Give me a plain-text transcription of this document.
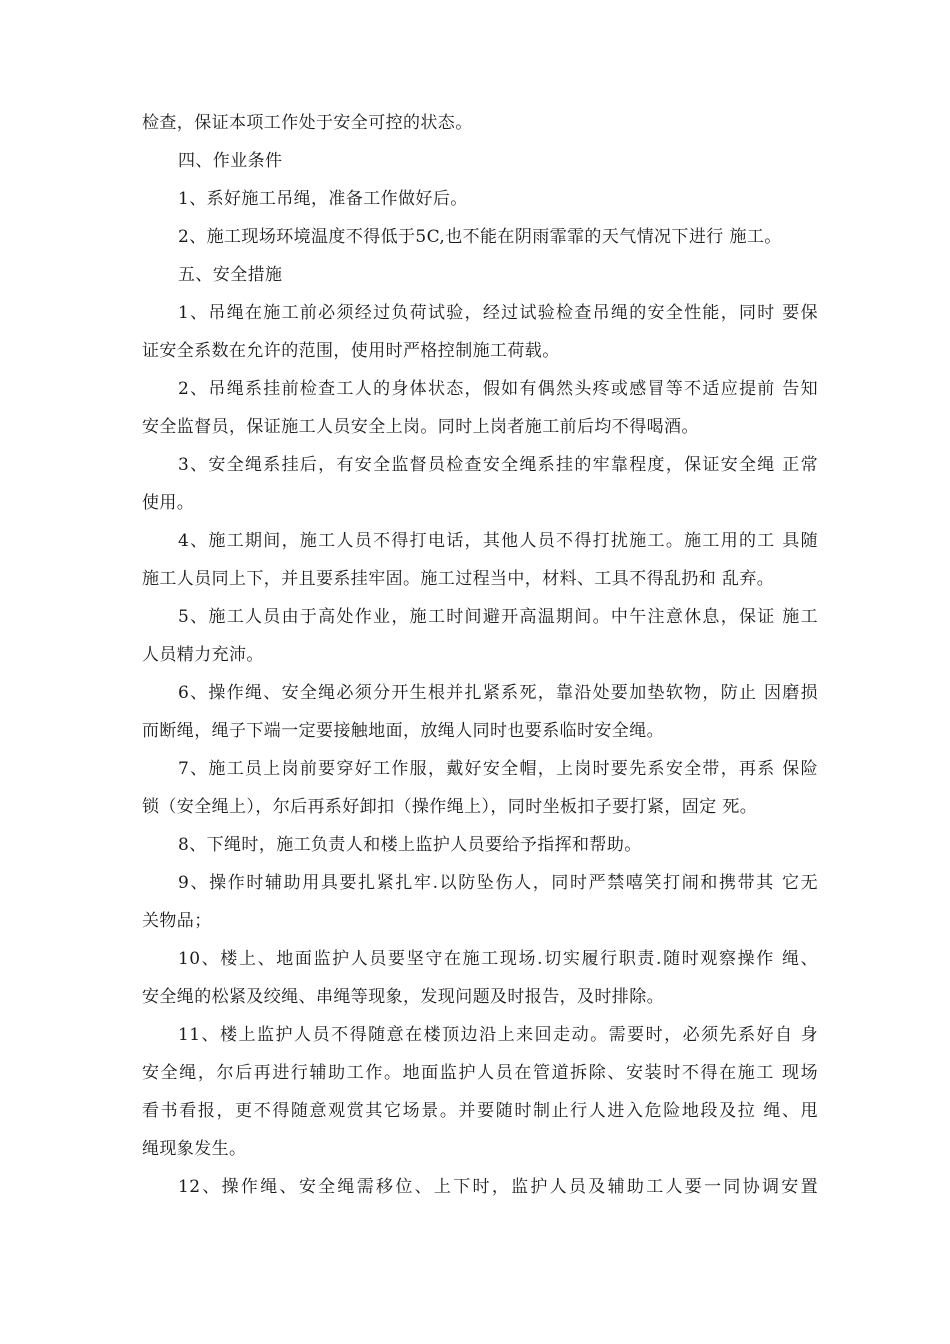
检查，保证本项工作处于安全可控的状态。

四、作业条件

1、系好施工吊绳，准备工作做好后。

2、施工现场环境温度不得低于5C,也不能在阴雨霏霏的天气情况下进行 施工。

五、安全措施

1、吊绳在施工前必须经过负荷试验，经过试验检查吊绳的安全性能，同时 要保

证安全系数在允许的范围，使用时严格控制施工荷载。

2、吊绳系挂前检查工人的身体状态，假如有偶然头疼或感冒等不适应提前 告知

安全监督员，保证施工人员安全上岗。同时上岗者施工前后均不得喝酒。

3、安全绳系挂后，有安全监督员检查安全绳系挂的牢靠程度，保证安全绳 正常

使用。

4、施工期间，施工人员不得打电话，其他人员不得打扰施工。施工用的工 具随

施工人员同上下，并且要系挂牢固。施工过程当中，材料、工具不得乱扔和 乱弃。

5、施工人员由于高处作业，施工时间避开高温期间。中午注意休息，保证 施工

人员精力充沛。

6、操作绳、安全绳必须分开生根并扎紧系死，靠沿处要加垫软物，防止 因磨损

而断绳，绳子下端一定要接触地面，放绳人同时也要系临时安全绳。

7、施工员上岗前要穿好工作服，戴好安全帽，上岗时要先系安全带，再系 保险

锁（安全绳上），尔后再系好卸扣（操作绳上），同时坐板扣子要打紧，固定 死。

8、下绳时，施工负责人和楼上监护人员要给予指挥和帮助。

9、操作时辅助用具要扎紧扎牢.以防坠伤人，同时严禁嘻笑打闹和携带其 它无

关物品；

10、楼上、地面监护人员要坚守在施工现场.切实履行职责.随时观察操作 绳、

安全绳的松紧及绞绳、串绳等现象，发现问题及时报告，及时排除。

11、楼上监护人员不得随意在楼顶边沿上来回走动。需要时，必须先系好自 身

安全绳，尔后再进行辅助工作。地面监护人员在管道拆除、安装时不得在施工 现场

看书看报，更不得随意观赏其它场景。并要随时制止行人进入危险地段及拉 绳、甩

绳现象发生。

12、操作绳、安全绳需移位、上下时，监护人员及辅助工人要一同协调安置
